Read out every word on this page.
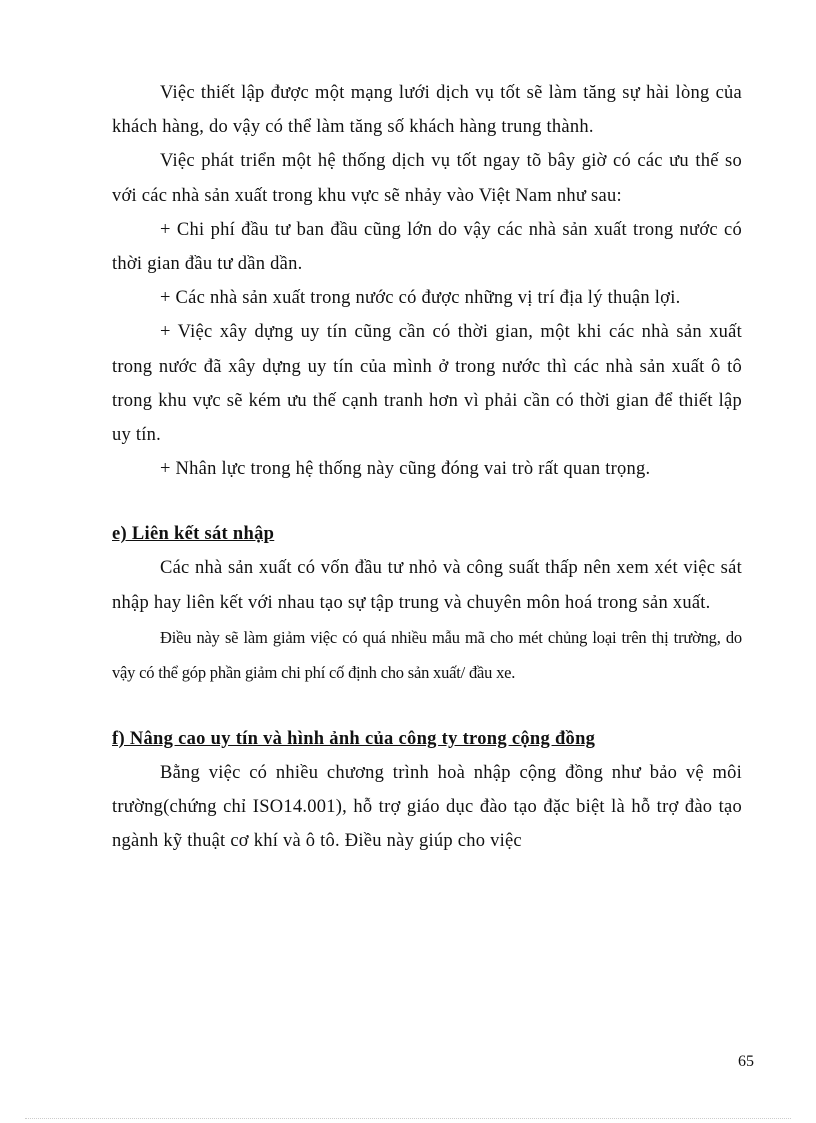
Việc thiết lập được một mạng lưới dịch vụ tốt sẽ làm tăng sự hài lòng của khách hàng, do vậy có thể làm tăng số khách hàng trung thành.

Việc phát triển một hệ thống dịch vụ tốt ngay tõ bây giờ có các ưu thế so với các nhà sản xuất trong khu vực sẽ nhảy vào Việt Nam như sau:

+ Chi phí đầu tư ban đầu cũng lớn do vậy các nhà sản xuất trong nước có thời gian đầu tư dần dần.

+ Các nhà sản xuất trong nước có được những vị trí địa lý thuận lợi.

+ Việc xây dựng uy tín cũng cần có thời gian, một khi các nhà sản xuất trong nước đã xây dựng uy tín của mình ở trong nước thì các nhà sản xuất ô tô trong khu vực sẽ kém ưu thế cạnh tranh hơn vì phải cần có thời gian để thiết lập uy tín.

+ Nhân lực trong hệ thống này cũng đóng vai trò rất quan trọng.

e) Liên kết sát nhập

Các nhà sản xuất có vốn đầu tư nhỏ và công suất thấp nên xem xét việc sát nhập hay liên kết với nhau tạo sự tập trung và chuyên môn hoá trong sản xuất.

Điều này sẽ làm giảm việc có quá nhiều mẫu mã cho mét chủng loại trên thị trường, do vậy có thể góp phần giảm chi phí cố định cho sản xuất/ đầu xe.

f) Nâng cao uy tín và hình ảnh của công ty trong cộng đồng

Bằng việc có nhiều chương trình hoà nhập cộng đồng như bảo vệ môi trường(chứng chỉ ISO14.001), hỗ trợ giáo dục đào tạo đặc biệt là hỗ trợ đào tạo ngành kỹ thuật cơ khí và ô tô. Điều này giúp cho việc

65
